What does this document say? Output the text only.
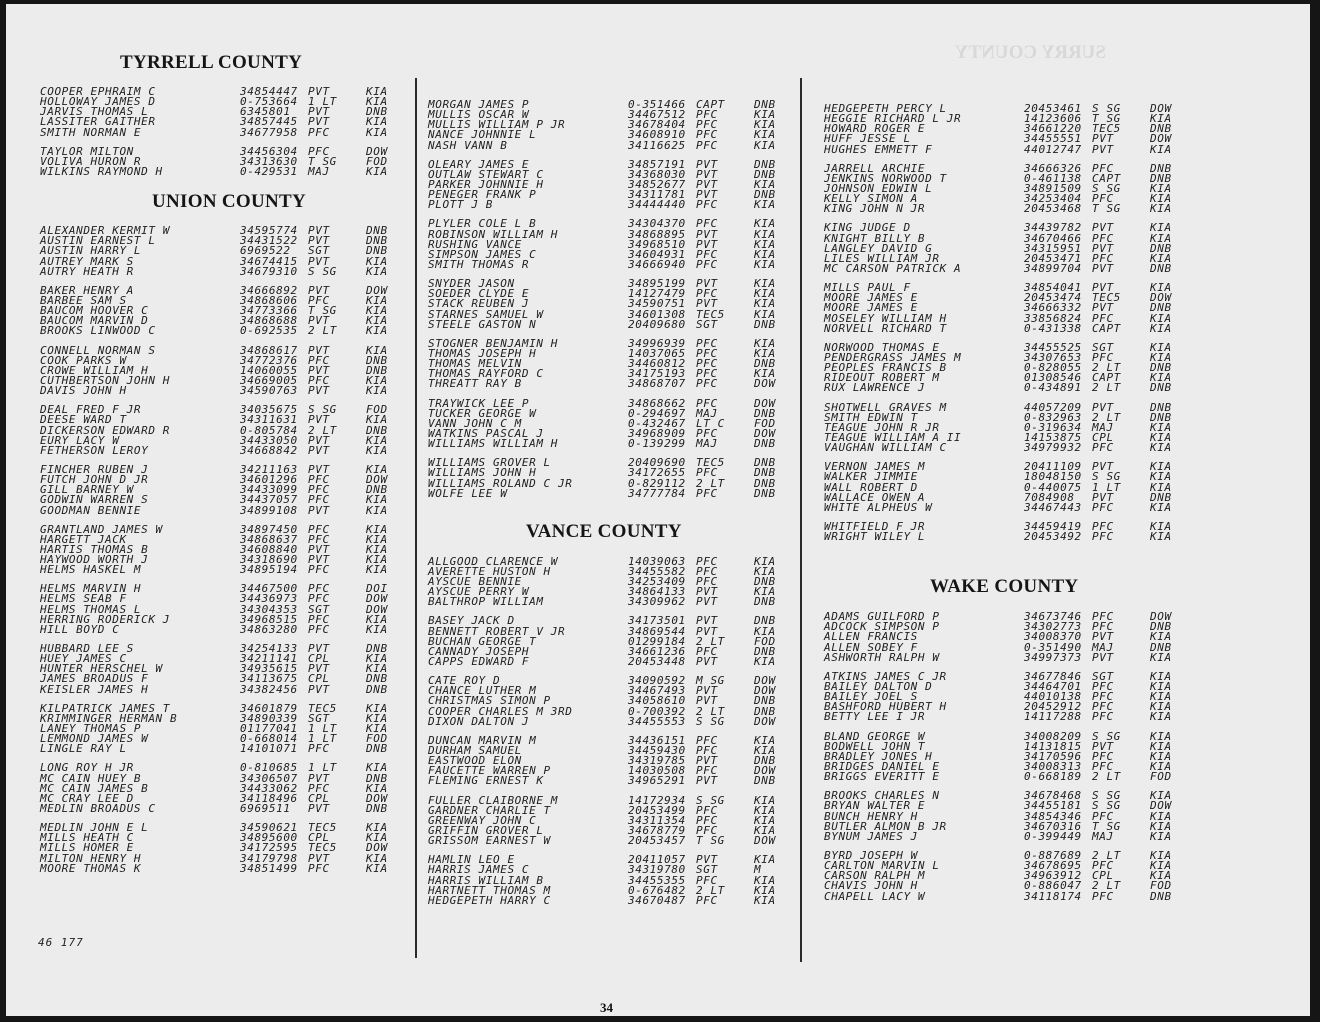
SURRY COUNTY
TYRRELL COUNTY
COOPER EPHRAIM C	34854447 PVT	KIA
HOLLOWAY JAMES D	0-753664 1 LT	KIA
JARVIS THOMAS L	6345801 PVT	DNB
LASSITER GAITHER	34857445 PVT	KIA
SMITH NORMAN E	34677958 PFC	KIA
TAYLOR MILTON	34456304 PFC	DOW
VOLIVA HURON R	34313630 T SG	FOD
WILKINS RAYMOND H	0-429531 MAJ	KIA
UNION COUNTY
ALEXANDER KERMIT W	34595774 PVT	DNB
AUSTIN EARNEST L	34431522 PVT	DNB
AUSTIN HARRY L	6969522 SGT	DNB
AUTREY MARK S	34674415 PVT	KIA
AUTRY HEATH R	34679310 S SG	KIA
BAKER HENRY A	34666892 PVT	DOW
BARBEE SAM S	34868606 PFC	KIA
BAUCOM HOOVER C	34773366 T SG	KIA
BAUCOM MARVIN D	34868688 PVT	KIA
BROOKS LINWOOD C	0-692535 2 LT	KIA
CONNELL NORMAN S	34868617 PVT	KIA
COOK PARKS W	34772376 PFC	DNB
CROWE WILLIAM H	14060055 PVT	DNB
CUTHBERTSON JOHN H	34669005 PFC	KIA
DAVIS JOHN H	34590763 PVT	KIA
DEAL FRED F JR	34035675 S SG	FOD
DEESE WARD T	34311631 PVT	KIA
DICKERSON EDWARD R	0-805784 2 LT	DNB
EURY LACY W	34433050 PVT	KIA
FETHERSON LEROY	34668842 PVT	KIA
FINCHER RUBEN J	34211163 PVT	KIA
FUTCH JOHN D JR	34601296 PFC	DOW
GILL BARNEY W	34433099 PFC	DNB
GODWIN WARREN S	34437057 PFC	KIA
GOODMAN BENNIE	34899108 PVT	KIA
GRANTLAND JAMES W	34897450 PFC	KIA
HARGETT JACK	34868637 PFC	KIA
HARTIS THOMAS B	34608840 PVT	KIA
HAYWOOD WORTH J	34318690 PVT	KIA
HELMS HASKEL M	34895194 PFC	KIA
HELMS MARVIN H	34467500 PFC	DOI
HELMS SEAB F	34436973 PFC	DOW
HELMS THOMAS L	34304353 SGT	DOW
HERRING RODERICK J	34968515 PFC	KIA
HILL BOYD C	34863280 PFC	KIA
HUBBARD LEE S	34254133 PVT	DNB
HUEY JAMES C	34211141 CPL	KIA
HUNTER HERSCHEL W	34935615 PVT	KIA
JAMES BROADUS F	34113675 CPL	DNB
KEISLER JAMES H	34382456 PVT	DNB
KILPATRICK JAMES T	34601879 TEC5	KIA
KRIMMINGER HERMAN B	34890339 SGT	KIA
LANEY THOMAS P	01177041 1 LT	KIA
LEMMOND JAMES W	0-668014 1 LT	FOD
LINGLE RAY L	14101071 PFC	DNB
LONG ROY H JR	0-810685 1 LT	KIA
MC CAIN HUEY B	34306507 PVT	DNB
MC CAIN JAMES B	34433062 PFC	KIA
MC CRAY LEE D	34118496 CPL	DOW
MEDLIN BROADUS C	6969511 PVT	DNB
MEDLIN JOHN E L	34590621 TEC5	KIA
MILLS HEATH C	34895600 CPL	KIA
MILLS HOMER E	34172595 TEC5	DOW
MILTON HENRY H	34179798 PVT	KIA
MOORE THOMAS K	34851499 PFC	KIA
MORGAN JAMES P	0-351466 CAPT	DNB
MULLIS OSCAR W	34467512 PFC	KIA
MULLIS WILLIAM P JR	34678404 PFC	KIA
NANCE JOHNNIE L	34608910 PFC	KIA
NASH VANN B	34116625 PFC	KIA
OLEARY JAMES E	34857191 PVT	DNB
OUTLAW STEWART C	34368030 PVT	DNB
PARKER JOHNNIE H	34852677 PVT	KIA
PENEGER FRANK P	34311781 PVT	DNB
PLOTT J B	34444440 PFC	KIA
PLYLER COLE L B	34304370 PFC	KIA
ROBINSON WILLIAM H	34868895 PVT	KIA
RUSHING VANCE	34968510 PVT	KIA
SIMPSON JAMES C	34604931 PFC	KIA
SMITH THOMAS R	34666940 PFC	KIA
SNYDER JASON	34895199 PVT	KIA
SOEDER CLYDE E	14127479 PFC	KIA
STACK REUBEN J	34590751 PVT	KIA
STARNES SAMUEL W	34601308 TEC5	KIA
STEELE GASTON N	20409680 SGT	DNB
STOGNER BENJAMIN H	34996939 PFC	KIA
THOMAS JOSEPH H	14037065 PFC	KIA
THOMAS MELVIN	34460812 PFC	DNB
THOMAS RAYFORD C	34175193 PFC	KIA
THREATT RAY B	34868707 PFC	DOW
TRAYWICK LEE P	34868662 PFC	DOW
TUCKER GEORGE W	0-294697 MAJ	DNB
VANN JOHN C M	0-432467 LT C	FOD
WATKINS PASCAL J	34968909 PFC	DOW
WILLIAMS WILLIAM H	0-139299 MAJ	DNB
WILLIAMS GROVER L	20409690 TEC5	DNB
WILLIAMS JOHN H	34172655 PFC	DNB
WILLIAMS ROLAND C JR	0-829112 2 LT	DNB
WOLFE LEE W	34777784 PFC	DNB
VANCE COUNTY
ALLGOOD CLARENCE W	14039063 PFC	KIA
AVERETTE HUSTON H	34455582 PFC	KIA
AYSCUE BENNIE	34253409 PFC	DNB
AYSCUE PERRY W	34864133 PVT	KIA
BALTHROP WILLIAM	34309962 PVT	DNB
BASEY JACK D	34173501 PVT	DNB
BENNETT ROBERT V JR	34869544 PVT	KIA
BUCHAN GEORGE T	01299184 2 LT	FOD
CANNADY JOSEPH	34661236 PFC	DNB
CAPPS EDWARD F	20453448 PVT	KIA
CATE ROY D	34090592 M SG	DOW
CHANCE LUTHER M	34467493 PVT	DOW
CHRISTMAS SIMON P	34058610 PVT	DNB
COOPER CHARLES M 3RD	0-700392 2 LT	DNB
DIXON DALTON J	34455553 S SG	DOW
DUNCAN MARVIN M	34436151 PFC	KIA
DURHAM SAMUEL	34459430 PFC	KIA
EASTWOOD ELON	34319785 PVT	DNB
FAUCETTE WARREN P	14030508 PFC	DOW
FLEMING ERNEST K	34965291 PVT	DNB
FULLER CLAIBORNE M	14172934 S SG	KIA
GARDNER CHARLIE T	20453499 PFC	KIA
GREENWAY JOHN C	34311354 PFC	KIA
GRIFFIN GROVER L	34678779 PFC	KIA
GRISSOM EARNEST W	20453457 T SG	DOW
HAMLIN LEO E	20411057 PVT	KIA
HARRIS JAMES C	34319780 SGT	M
HARRIS WILLIAM B	34455355 PFC	KIA
HARTNETT THOMAS M	0-676482 2 LT	KIA
HEDGEPETH HARRY C	34670487 PFC	KIA
HEDGEPETH PERCY L	20453461 S SG	DOW
HEGGIE RICHARD L JR	14123606 T SG	KIA
HOWARD ROGER E	34661220 TEC5	DNB
HUFF JESSE L	34455551 PVT	DOW
HUGHES EMMETT F	44012747 PVT	KIA
JARRELL ARCHIE	34666326 PFC	DNB
JENKINS NORWOOD T	0-461138 CAPT	DNB
JOHNSON EDWIN L	34891509 S SG	KIA
KELLY SIMON A	34253404 PFC	KIA
KING JOHN N JR	20453468 T SG	KIA
KING JUDGE D	34439782 PVT	KIA
KNIGHT BILLY B	34670466 PFC	KIA
LANGLEY DAVID G	34315951 PVT	DNB
LILES WILLIAM JR	20453471 PFC	KIA
MC CARSON PATRICK A	34899704 PVT	DNB
MILLS PAUL F	34854041 PVT	KIA
MOORE JAMES E	20453474 TEC5	DOW
MOORE JAMES E	34666332 PVT	DNB
MOSELEY WILLIAM H	33856824 PFC	KIA
NORVELL RICHARD T	0-431338 CAPT	KIA
NORWOOD THOMAS E	34455525 SGT	KIA
PENDERGRASS JAMES M	34307653 PFC	KIA
PEOPLES FRANCIS B	0-828055 2 LT	DNB
RIDEOUT ROBERT M	01308546 CAPT	KIA
RUX LAWRENCE J	0-434891 2 LT	DNB
SHOTWELL GRAVES M	44057209 PVT	DNB
SMITH EDWIN T	0-832963 2 LT	DNB
TEAGUE JOHN R JR	0-319634 MAJ	KIA
TEAGUE WILLIAM A II	14153875 CPL	KIA
VAUGHAN WILLIAM C	34979932 PFC	KIA
VERNON JAMES M	20411109 PVT	KIA
WALKER JIMMIE	18048150 S SG	KIA
WALL ROBERT D	0-440075 1 LT	KIA
WALLACE OWEN A	7084908 PVT	DNB
WHITE ALPHEUS W	34467443 PFC	KIA
WHITFIELD F JR	34459419 PFC	KIA
WRIGHT WILEY L	20453492 PFC	KIA
WAKE COUNTY
ADAMS GUILFORD P	34673746 PFC	DOW
ADCOCK SIMPSON P	34302773 PFC	DNB
ALLEN FRANCIS	34008370 PVT	KIA
ALLEN SOBEY F	0-351490 MAJ	DNB
ASHWORTH RALPH W	34997373 PVT	KIA
ATKINS JAMES C JR	34677846 SGT	KIA
BAILEY DALTON D	34464701 PFC	KIA
BAILEY JOEL S	44010138 PFC	KIA
BASHFORD HUBERT H	20452912 PFC	KIA
BETTY LEE I JR	14117288 PFC	KIA
BLAND GEORGE W	34008209 S SG	KIA
BODWELL JOHN T	14131815 PVT	KIA
BRADLEY JONES H	34170596 PFC	KIA
BRIDGES DANIEL E	34008313 PFC	KIA
BRIGGS EVERITT E	0-668189 2 LT	FOD
BROOKS CHARLES N	34678468 S SG	KIA
BRYAN WALTER E	34455181 S SG	DOW
BUNCH HENRY H	34854346 PFC	KIA
BUTLER ALMON B JR	34670316 T SG	KIA
BYNUM JAMES J	0-399449 MAJ	KIA
BYRD JOSEPH W	0-887689 2 LT	KIA
CARLTON MARVIN L	34678695 PFC	KIA
CARSON RALPH M	34963912 CPL	KIA
CHAVIS JOHN H	0-886047 2 LT	FOD
CHAPELL LACY W	34118174 PFC	DNB
46 177
34
